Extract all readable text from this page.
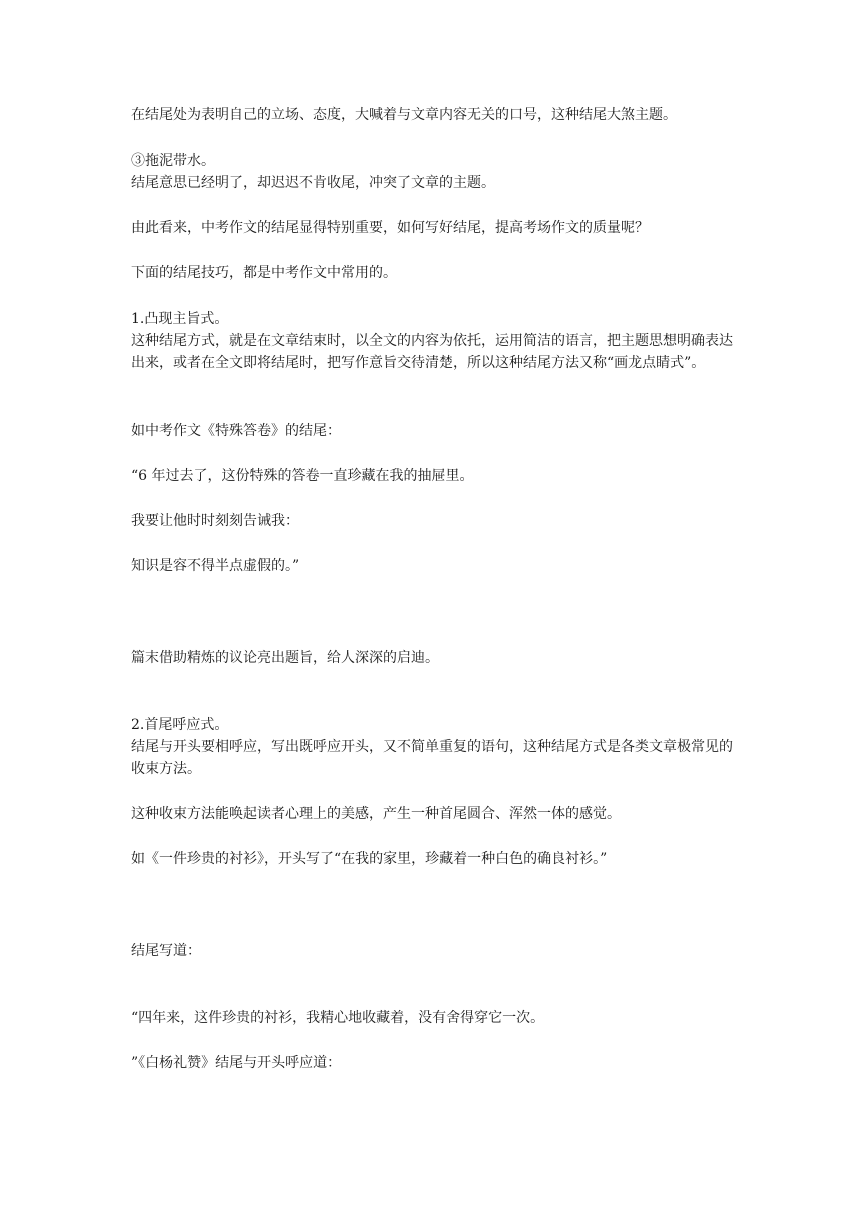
在结尾处为表明自己的立场、态度，大喊着与文章内容无关的口号，这种结尾大煞主题。
③拖泥带水。
结尾意思已经明了，却迟迟不肯收尾，冲突了文章的主题。
由此看来，中考作文的结尾显得特别重要，如何写好结尾，提高考场作文的质量呢？
下面的结尾技巧，都是中考作文中常用的。
1.凸现主旨式。
这种结尾方式，就是在文章结束时，以全文的内容为依托，运用简洁的语言，把主题思想明确表达出来，或者在全文即将结尾时，把写作意旨交待清楚，所以这种结尾方法又称“画龙点睛式”。
如中考作文《特殊答卷》的结尾：
“6 年过去了，这份特殊的答卷一直珍藏在我的抽屉里。
我要让他时时刻刻告诫我：
知识是容不得半点虚假的。”
篇末借助精炼的议论亮出题旨，给人深深的启迪。
2.首尾呼应式。
结尾与开头要相呼应，写出既呼应开头，又不简单重复的语句，这种结尾方式是各类文章极常见的收束方法。
这种收束方法能唤起读者心理上的美感，产生一种首尾圆合、浑然一体的感觉。
如《一件珍贵的衬衫》，开头写了“在我的家里，珍藏着一种白色的确良衬衫。”
结尾写道：
“四年来，这件珍贵的衬衫，我精心地收藏着，没有舍得穿它一次。
”《白杨礼赞》结尾与开头呼应道：
